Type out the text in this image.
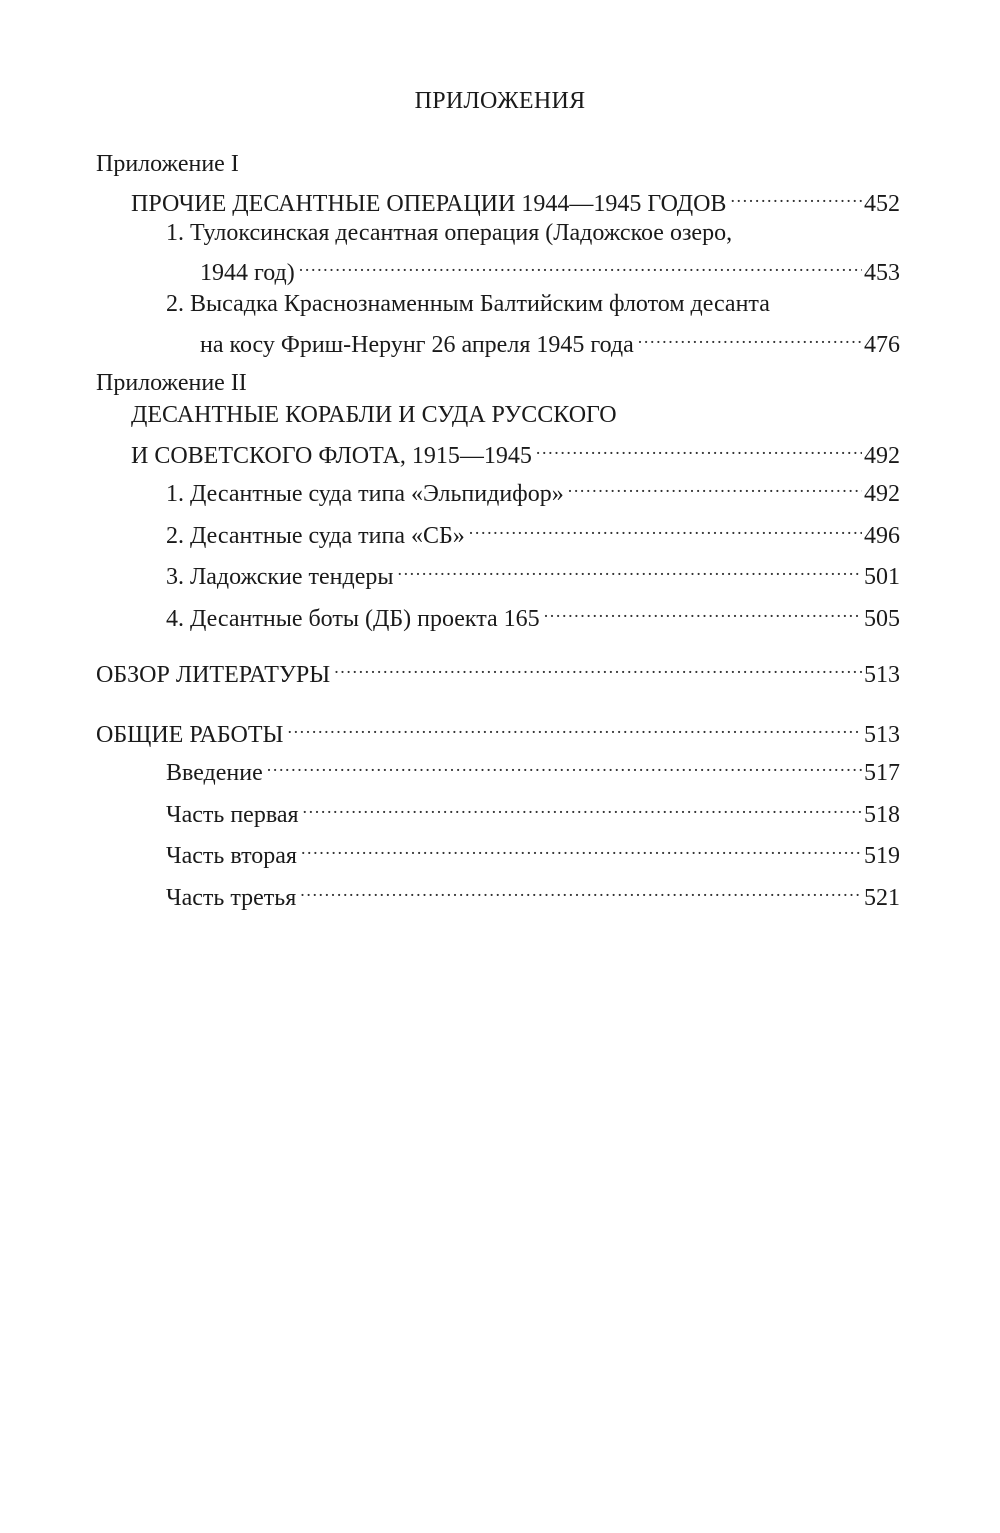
ПРИЛОЖЕНИЯ
Приложение I
ПРОЧИЕ ДЕСАНТНЫЕ ОПЕРАЦИИ 1944—1945 ГОДОВ .....	452
1. Тулоксинская десантная операция (Ладожское озеро,
1944 год) .....	453
2. Высадка Краснознаменным Балтийским флотом десанта
на косу Фриш-Нерунг 26 апреля 1945 года .....	476
Приложение II
ДЕСАНТНЫЕ КОРАБЛИ И СУДА РУССКОГО
И СОВЕТСКОГО ФЛОТА, 1915—1945 .....	492
1. Десантные суда типа «Эльпидифор» .....	492
2. Десантные суда типа «СБ» .....	496
3. Ладожские тендеры .....	501
4. Десантные боты (ДБ) проекта 165 .....	505
ОБЗОР ЛИТЕРАТУРЫ .....	513
ОБЩИЕ РАБОТЫ .....	513
Введение .....	517
Часть первая .....	518
Часть вторая .....	519
Часть третья .....	521
